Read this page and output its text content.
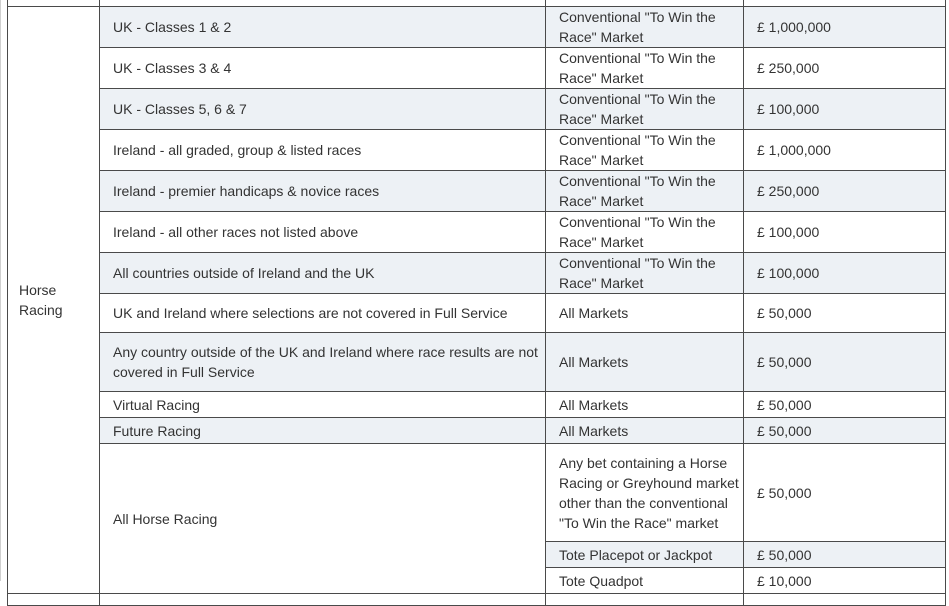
Horse
Racing	UK - Classes 1 & 2	Conventional "To Win the Race" Market	£ 1,000,000
	UK - Classes 3 & 4	Conventional "To Win the Race" Market	£ 250,000
	UK - Classes 5, 6 & 7	Conventional "To Win the Race" Market	£ 100,000
	Ireland - all graded, group & listed races	Conventional "To Win the Race" Market	£ 1,000,000
	Ireland - premier handicaps & novice races	Conventional "To Win the Race" Market	£ 250,000
	Ireland - all other races not listed above	Conventional "To Win the Race" Market	£ 100,000
	All countries outside of Ireland and the UK	Conventional "To Win the Race" Market	£ 100,000
	UK and Ireland where selections are not covered in Full Service	All Markets	£ 50,000
	Any country outside of the UK and Ireland where race results are not covered in Full Service	All Markets	£ 50,000
	Virtual Racing	All Markets	£ 50,000
	Future Racing	All Markets	£ 50,000
	All Horse Racing	Any bet containing a Horse Racing or Greyhound market other than the conventional "To Win the Race" market	£ 50,000
		Tote Placepot or Jackpot	£ 50,000
		Tote Quadpot	£ 10,000
